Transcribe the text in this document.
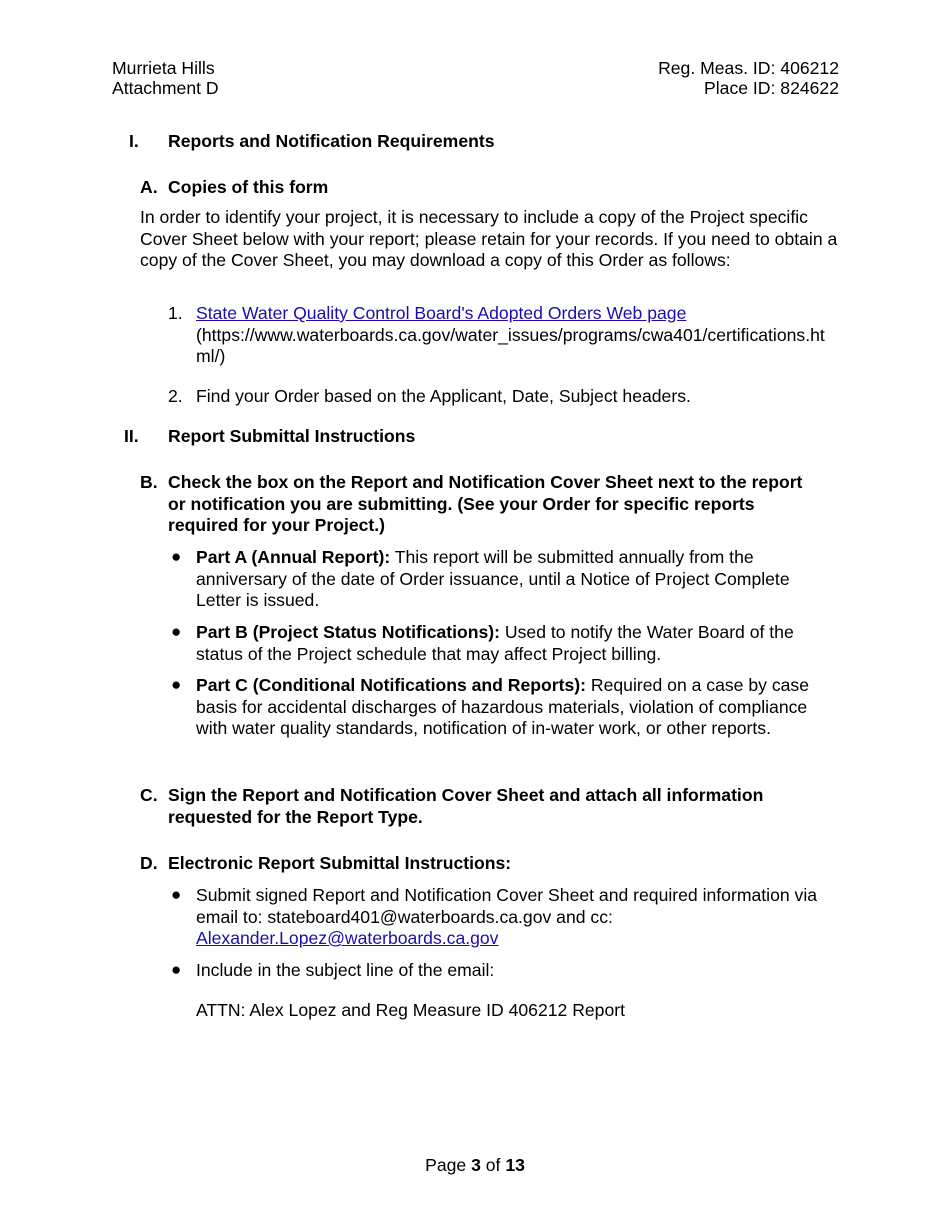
Murrieta Hills
Attachment D
Reg. Meas. ID: 406212
Place ID: 824622
I. Reports and Notification Requirements
A. Copies of this form
In order to identify your project, it is necessary to include a copy of the Project specific Cover Sheet below with your report; please retain for your records. If you need to obtain a copy of the Cover Sheet, you may download a copy of this Order as follows:
1. State Water Quality Control Board's Adopted Orders Web page
(https://www.waterboards.ca.gov/water_issues/programs/cwa401/certifications.html/)
2. Find your Order based on the Applicant, Date, Subject headers.
II. Report Submittal Instructions
B. Check the box on the Report and Notification Cover Sheet next to the report or notification you are submitting. (See your Order for specific reports required for your Project.)
● Part A (Annual Report): This report will be submitted annually from the anniversary of the date of Order issuance, until a Notice of Project Complete Letter is issued.
● Part B (Project Status Notifications): Used to notify the Water Board of the status of the Project schedule that may affect Project billing.
● Part C (Conditional Notifications and Reports): Required on a case by case basis for accidental discharges of hazardous materials, violation of compliance with water quality standards, notification of in-water work, or other reports.
C. Sign the Report and Notification Cover Sheet and attach all information requested for the Report Type.
D. Electronic Report Submittal Instructions:
● Submit signed Report and Notification Cover Sheet and required information via email to: stateboard401@waterboards.ca.gov and cc:
Alexander.Lopez@waterboards.ca.gov
● Include in the subject line of the email:
ATTN: Alex Lopez and Reg Measure ID 406212 Report
Page 3 of 13
